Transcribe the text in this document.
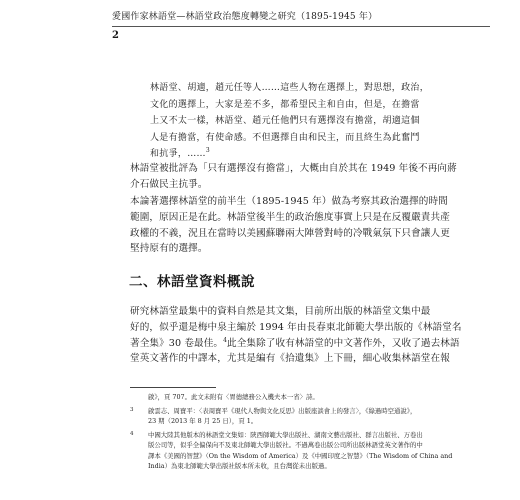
愛國作家林語堂—林語堂政治態度轉變之研究（1895-1945 年）
2

林語堂、胡適，趙元任等人……這些人物在選擇上，對思想，政治，

文化的選擇上，大家是差不多，都希望民主和自由，但是，在擔當

上又不太一樣，林語堂、趙元任他們只有選擇沒有擔當，胡適這個

人是有擔當，有使命感。不但選擇自由和民主，而且終生為此奮鬥

和抗爭，……$^3$

林語堂被批評為「只有選擇沒有擔當」，大概由自於其在 1949 年後不再向蔣

介石做民主抗爭。

本論著選擇林語堂的前半生（1895-1945 年）做為考察其政治選擇的時間

範圍，原因正是在此。林語堂後半生的政治態度事實上只是在反覆嚴責共產

政權的不義，況且在當時以美國蘇聯兩大陣營對峙的冷戰氣氛下只會讓人更

堅持原有的選擇。

二、林語堂資料概說

研究林語堂最集中的資料自然是其文集，目前所出版的林語堂文集中最

好的，似乎還是梅中泉主編於 1994 年由長春東北師範大學出版的《林語堂名

著全集》30 卷最佳。$^4$此全集除了收有林語堂的中文著作外，又收了過去林語

堂英文著作的中譯本，尤其是編有《拾遺集》上下冊，細心收集林語堂在報

啟》，頁 707。此文未附有〈胃德總務公入機夫本一省〉詩。

3 啟雲志、周寶平：〈表周寶平《現代人物與文化反思》出版座談會上的發言〉，《綠過時空通說》，

23 期（2013 年 8 月 25 日），頁 1。

4 中國大陸其他版本的林語堂文集如：陝西師範大學出版社、湖南文藝出版社、群言出版社、万卷出

版公司等，似乎全偏保向不及東北師範大學出版社。不過萬卷出版公司所出版林語堂英文著作的中

譯本《美國的智慧》（On the Wisdom of America）及《中國印度之智慧》（The Wisdom of China and

India）為東北師範大學出版社版本所未收，且台灣從未出版過。
